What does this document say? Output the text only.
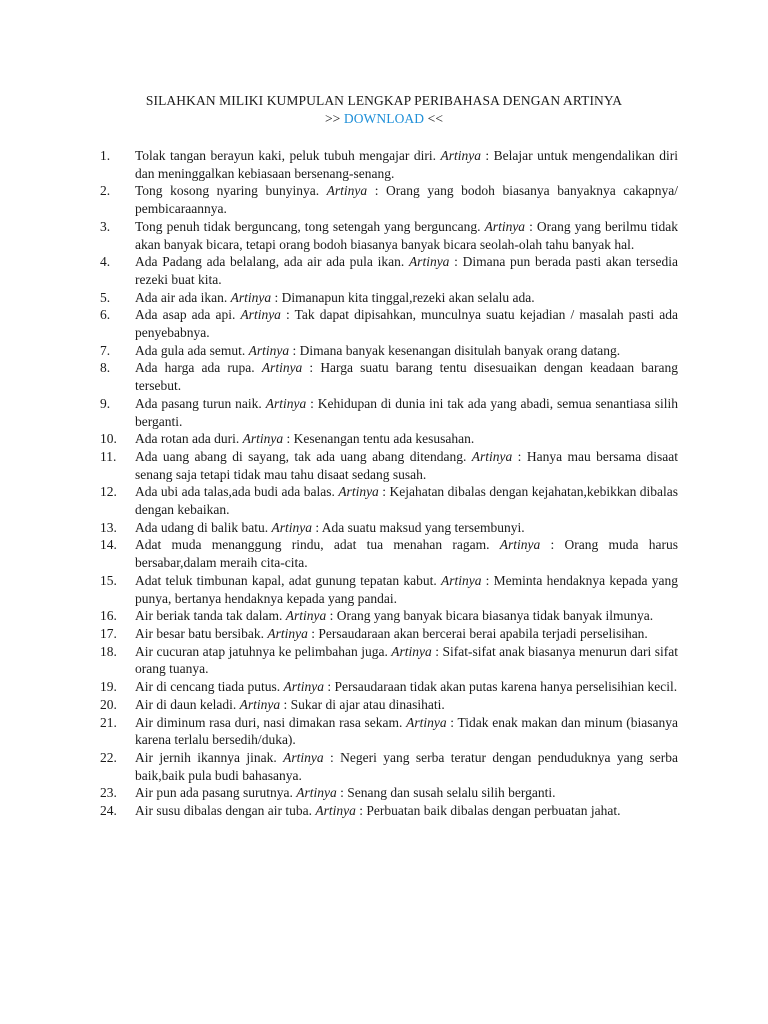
SILAHKAN MILIKI KUMPULAN LENGKAP PERIBAHASA DENGAN ARTINYA
>> DOWNLOAD <<
1.	Tolak tangan berayun kaki, peluk tubuh mengajar diri. Artinya : Belajar untuk mengendalikan diri dan meninggalkan kebiasaan bersenang-senang.
2.	Tong kosong nyaring bunyinya. Artinya : Orang yang bodoh biasanya banyaknya cakapnya/ pembicaraannya.
3.	Tong penuh tidak berguncang, tong setengah yang berguncang. Artinya : Orang yang berilmu tidak akan banyak bicara, tetapi orang bodoh biasanya banyak bicara seolah-olah tahu banyak hal.
4.	Ada Padang ada belalang, ada air ada pula ikan. Artinya : Dimana pun berada pasti akan tersedia rezeki buat kita.
5.	Ada air ada ikan. Artinya : Dimanapun kita tinggal,rezeki akan selalu ada.
6.	Ada asap ada api. Artinya : Tak dapat dipisahkan, munculnya suatu kejadian / masalah pasti ada penyebabnya.
7.	Ada gula ada semut. Artinya : Dimana banyak kesenangan disitulah banyak orang datang.
8.	Ada harga ada rupa. Artinya : Harga suatu barang tentu disesuaikan dengan keadaan barang tersebut.
9.	Ada pasang turun naik. Artinya : Kehidupan di dunia ini tak ada yang abadi, semua senantiasa silih berganti.
10.	Ada rotan ada duri. Artinya : Kesenangan tentu ada kesusahan.
11.	Ada uang abang di sayang, tak ada uang abang ditendang. Artinya : Hanya mau bersama disaat senang saja tetapi tidak mau tahu disaat sedang susah.
12.	Ada ubi ada talas,ada budi ada balas. Artinya : Kejahatan dibalas dengan kejahatan,kebikkan dibalas dengan kebaikan.
13.	Ada udang di balik batu. Artinya : Ada suatu maksud yang tersembunyi.
14.	Adat muda menanggung rindu, adat tua menahan ragam. Artinya : Orang muda harus bersabar,dalam meraih cita-cita.
15.	Adat teluk timbunan kapal, adat gunung tepatan kabut. Artinya : Meminta hendaknya kepada yang punya, bertanya hendaknya kepada yang pandai.
16.	Air beriak tanda tak dalam. Artinya : Orang yang banyak bicara biasanya tidak banyak ilmunya.
17.	Air besar batu bersibak. Artinya : Persaudaraan akan bercerai berai apabila terjadi perselisihan.
18.	Air cucuran atap jatuhnya ke pelimbahan juga. Artinya : Sifat-sifat anak biasanya menurun dari sifat orang tuanya.
19.	Air di cencang tiada putus. Artinya : Persaudaraan tidak akan putas karena hanya perselisihian kecil.
20.	Air di daun keladi. Artinya : Sukar di ajar atau dinasihati.
21.	Air diminum rasa duri, nasi dimakan rasa sekam. Artinya : Tidak enak makan dan minum (biasanya karena terlalu bersedih/duka).
22.	Air jernih ikannya jinak. Artinya : Negeri yang serba teratur dengan penduduknya yang serba baik,baik pula budi bahasanya.
23.	Air pun ada pasang surutnya. Artinya : Senang dan susah selalu silih berganti.
24.	Air susu dibalas dengan air tuba. Artinya : Perbuatan baik dibalas dengan perbuatan jahat.
